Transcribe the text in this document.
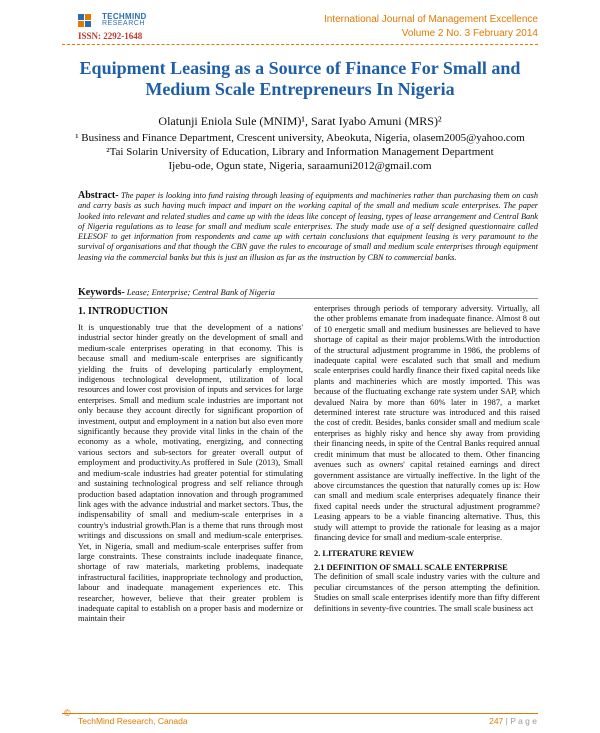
TECHMIND
RESEARCH
ISSN: 2292-1648
International Journal of Management Excellence
Volume 2 No. 3 February 2014
Equipment Leasing as a Source of Finance For Small and
Medium Scale Entrepreneurs In Nigeria
Olatunji Eniola Sule (MNIM)¹, Sarat Iyabo Amuni (MRS)²
¹ Business and Finance Department, Crescent university, Abeokuta, Nigeria, olasem2005@yahoo.com
²Tai Solarin University of Education, Library and Information Management Department
Ijebu-ode, Ogun state, Nigeria, saraamuni2012@gmail.com
Abstract- The paper is looking into fund raising through leasing of equipments and machineries rather than purchasing them on cash and carry basis as such having much impact and impart on the working capital of the small and medium scale enterprises. The paper looked into relevant and related studies and came up with the ideas like concept of leasing, types of lease arrangement and Central Bank of Nigeria regulations as to lease for small and medium scale enterprises. The study made use of a self designed questionnaire called ELESOF to get information from respondents and came up with certain conclusions that equipment leasing is very paramount to the survival of organisations and that though the CBN gave the rules to encourage of small and medium scale enterprises through equipment leasing via the commercial banks but this is just an illusion as far as the instruction by CBN to commercial banks.
Keywords- Lease; Enterprise; Central Bank of Nigeria
1. INTRODUCTION
It is unquestionably true that the development of a nations' industrial sector hinder greatly on the development of small and medium-scale enterprises operating in that economy. This is because small and medium-scale enterprises are significantly yielding the fruits of developing particularly employment, indigenous technological development, utilization of local resources and lower cost provision of inputs and services for large enterprises. Small and medium scale industries are important not only because they account directly for significant proportion of investment, output and employment in a nation but also even more significantly because they provide vital links in the chain of the economy as a whole, motivating, energizing, and connecting various sectors and sub-sectors for greater overall output of employment and productivity.As proffered in Sule (2013), Small and medium-scale industries had greater potential for stimulating and sustaining technological progress and self reliance through production based adaptation innovation and through programmed link ages with the advance industrial and market sectors. Thus, the indispensability of small and medium-scale enterprises in a country's industrial growth.Plan is a theme that runs through most writings and discussions on small and medium-scale enterprises. Yet, in Nigeria, small and medium-scale enterprises suffer from large constraints. These constraints include inadequate finance, shortage of raw materials, marketing problems, inadequate infrastructural facilities, inappropriate technology and production, labour and inadequate management experiences etc. This researcher, however, believe that their greater problem is inadequate capital to establish on a proper basis and modernize or maintain their
enterprises through periods of temporary adversity. Virtually, all the other problems emanate from inadequate finance. Almost 8 out of 10 energetic small and medium businesses are believed to have shortage of capital as their major problems.With the introduction of the structural adjustment programme in 1986, the problems of inadequate capital were escalated such that small and medium scale enterprises could hardly finance their fixed capital needs like plants and machineries which are mostly imported. This was because of the fluctuating exchange rate system under SAP, which devalued Naira by more than 60% later in 1987, a market determined interest rate structure was introduced and this raised the cost of credit. Besides, banks consider small and medium scale enterprises as highly risky and hence shy away from providing their financing needs, in spite of the Central Banks required annual credit minimum that must be allocated to them. Other financing avenues such as owners' capital retained earnings and direct government assistance are virtually ineffective. In the light of the above circumstances the question that naturally comes up is: How can small and medium scale enterprises adequately finance their fixed capital needs under the structural adjustment programme? Leasing appears to be a viable financing alternative. Thus, this study will attempt to provide the rationale for leasing as a major financing device for small and medium-scale enterprise.
2. LITERATURE REVIEW
2.1 DEFINITION OF SMALL SCALE ENTERPRISE
The definition of small scale industry varies with the culture and peculiar circumstances of the person attempting the definition. Studies on small scale enterprises identify more than fifty different definitions in seventy-five countries. The small scale business act
©
TechMind Research, Canada	247 | P a g e
